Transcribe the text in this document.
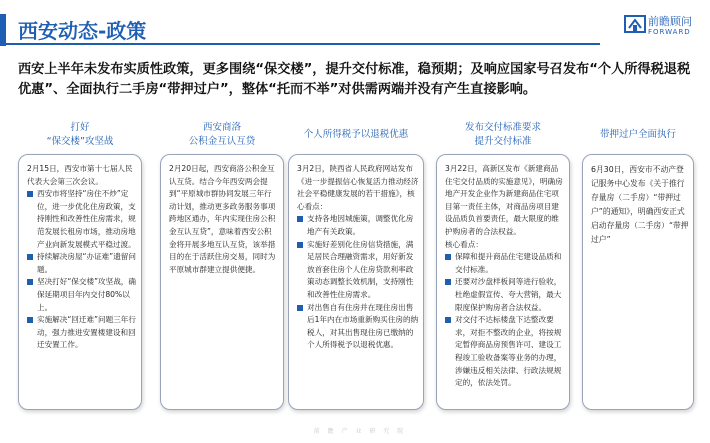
西安动态-政策	前瞻顾问
FORWARD
西安上半年未发布实质性政策，更多围绕“保交楼”，提升交付标准，稳预期；及响应国家号召发布“个人所得税退税优惠”、全面执行二手房“带押过户”，整体“托而不举”对供需两端并没有产生直接影响。
打好
“保交楼”攻坚战

2月15日，西安市第十七届人民代表大会第三次会议。

西安市将坚持“房住不炒”定位，进一步优化住房政策，支持刚性和改善性住房需求，规范发展长租房市场，推动房地产业向新发展模式平稳过渡。

持续解决房屋“办证难”遗留问题。

坚决打好“保交楼”攻坚战，确保延期项目年内交付80%以上。

实施解决“回迁难”问题三年行动，强力推进安置楼建设和回迁安置工作。

西安商洛
公积金互认互贷

2月20日起，西安商洛公积金互认互贷。结合今年西安两会提到“平原城市群协同发展三年行动计划，推动更多政务服务事项跨地区通办，年内实现住房公积金互认互贷”，意味着西安公积金将开展多地互认互贷，该举措目的在于活跃住房交易，同时为平原城市群建立提供便捷。

个人所得税予以退税优惠

3月2日，陕西省人民政府网站发布《进一步提振信心恢复活力推动经济社会平稳健康发展的若干措施》，核心看点：

支持各地因城施策，调整优化房地产有关政策。

实施好差别化住房信贷措施，满足居民合理融资需求，用好新发放首套住房个人住房贷款利率政策动态调整长效机制，支持刚性和改善性住房需求。

对出售自有住房并在现住房出售后1年内在市场重新购买住房的纳税人，对其出售现住房已缴纳的个人所得税予以退税优惠。

发布交付标准要求
提升交付标准

3月22日，高新区发布《新建商品住宅交付品质的实施意见》，明确房地产开发企业作为新建商品住宅项目第一责任主体，对商品房项目建设品质负首要责任，最大限度的维护购房者的合法权益。

核心看点：

保障和提升商品住宅建设品质和交付标准。

还要对沙盘样板间等进行验收，杜绝虚假宣传、夸大营销，最大限度保护购房者合法权益。

对交付不达标楼盘下达整改要求，对拒不整改的企业，将按规定暂停商品房预售许可、建设工程竣工验收备案等业务的办理，涉嫌违反相关法律、行政法规规定的，依法处罚。

带押过户全面执行

6月30日，西安市不动产登记服务中心发布《关于推行存量房（二手房）“带押过户”的通知》，明确西安正式启动存量房（二手房）“带押过户”

前 瞻 产 业 研 究 院
